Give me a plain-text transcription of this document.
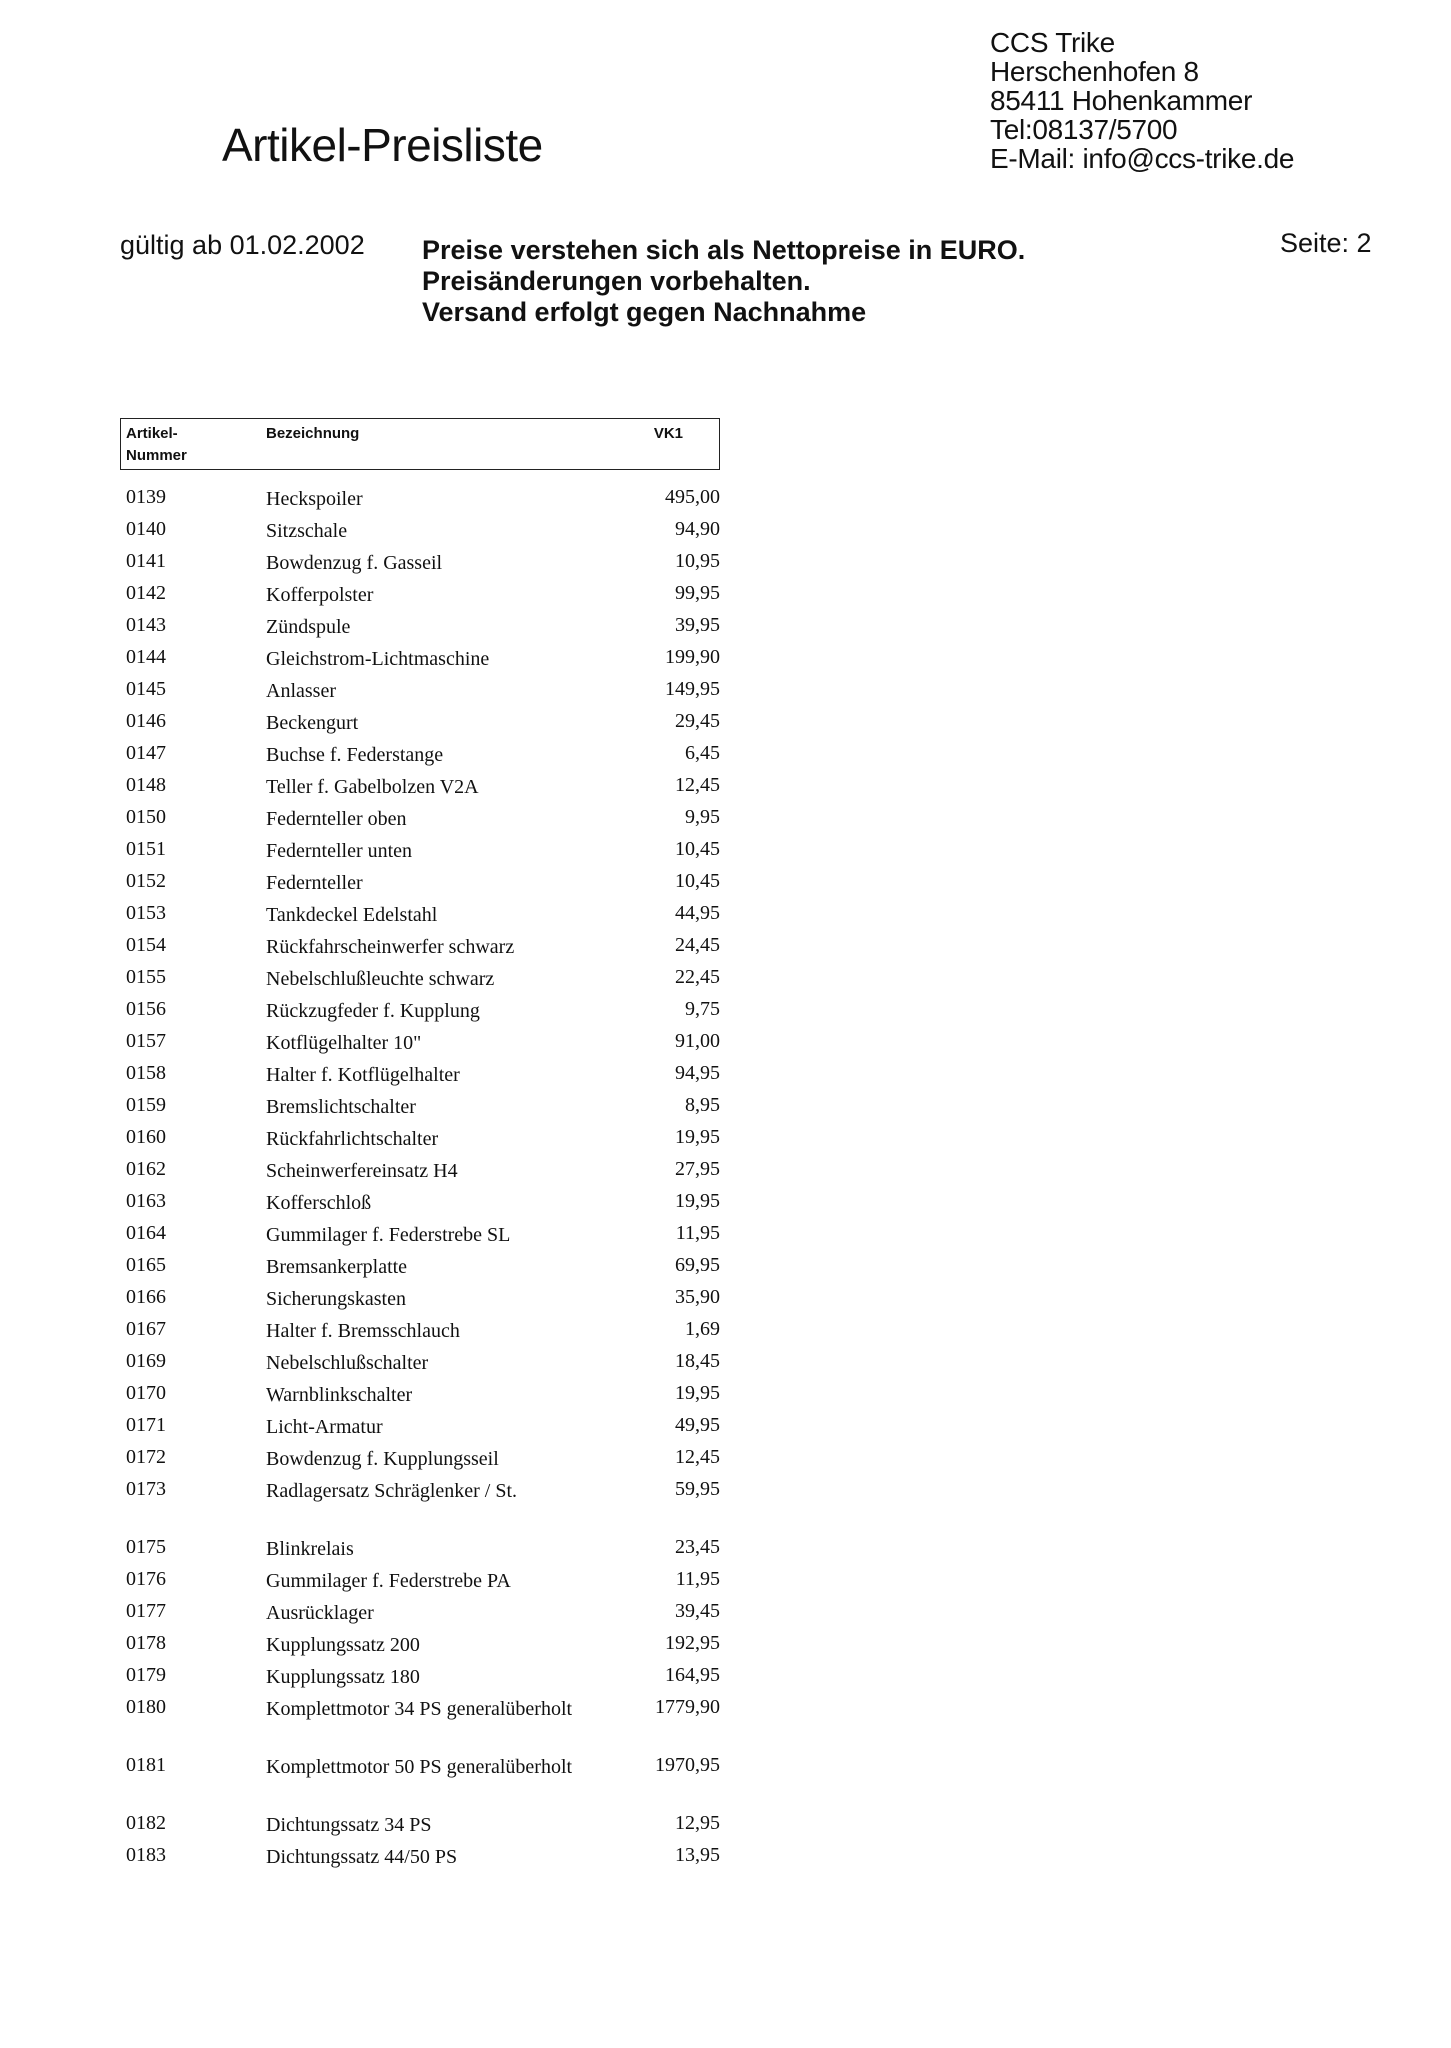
CCS Trike
Herschenhofen 8
85411 Hohenkammer
Tel:08137/5700
E-Mail: info@ccs-trike.de
Artikel-Preisliste
gültig ab 01.02.2002 Preise verstehen sich als Nettopreise in EURO.
Preisänderungen vorbehalten.
Versand erfolgt gegen Nachnahme
Seite: 2
Artikel-
Nummer
Bezeichnung	VK1
0139	Heckspoiler	495,00
0140	Sitzschale	94,90
0141	Bowdenzug f. Gasseil	10,95
0142	Kofferpolster	99,95
0143	Zündspule	39,95
0144	Gleichstrom-Lichtmaschine	199,90
0145	Anlasser	149,95
0146	Beckengurt	29,45
0147	Buchse f. Federstange	6,45
0148	Teller f. Gabelbolzen V2A	12,45
0150	Federnteller oben	9,95
0151	Federnteller unten	10,45
0152	Federnteller	10,45
0153	Tankdeckel Edelstahl	44,95
0154	Rückfahrscheinwerfer schwarz	24,45
0155	Nebelschlußleuchte schwarz	22,45
0156	Rückzugfeder f. Kupplung	9,75
0157	Kotflügelhalter 10"	91,00
0158	Halter f. Kotflügelhalter	94,95
0159	Bremslichtschalter	8,95
0160	Rückfahrlichtschalter	19,95
0162	Scheinwerfereinsatz H4	27,95
0163	Kofferschloß	19,95
0164	Gummilager f. Federstrebe SL	11,95
0165	Bremsankerplatte	69,95
0166	Sicherungskasten	35,90
0167	Halter f. Bremsschlauch	1,69
0169	Nebelschlußschalter	18,45
0170	Warnblinkschalter	19,95
0171	Licht-Armatur	49,95
0172	Bowdenzug f. Kupplungsseil	12,45
0173	Radlagersatz Schräglenker / St.	59,95
0175	Blinkrelais	23,45
0176	Gummilager f. Federstrebe PA	11,95
0177	Ausrücklager	39,45
0178	Kupplungssatz 200	192,95
0179	Kupplungssatz 180	164,95
0180	Komplettmotor 34 PS generalüberholt	1779,90
0181	Komplettmotor 50 PS generalüberholt	1970,95
0182	Dichtungssatz 34 PS	12,95
0183	Dichtungssatz 44/50 PS	13,95
